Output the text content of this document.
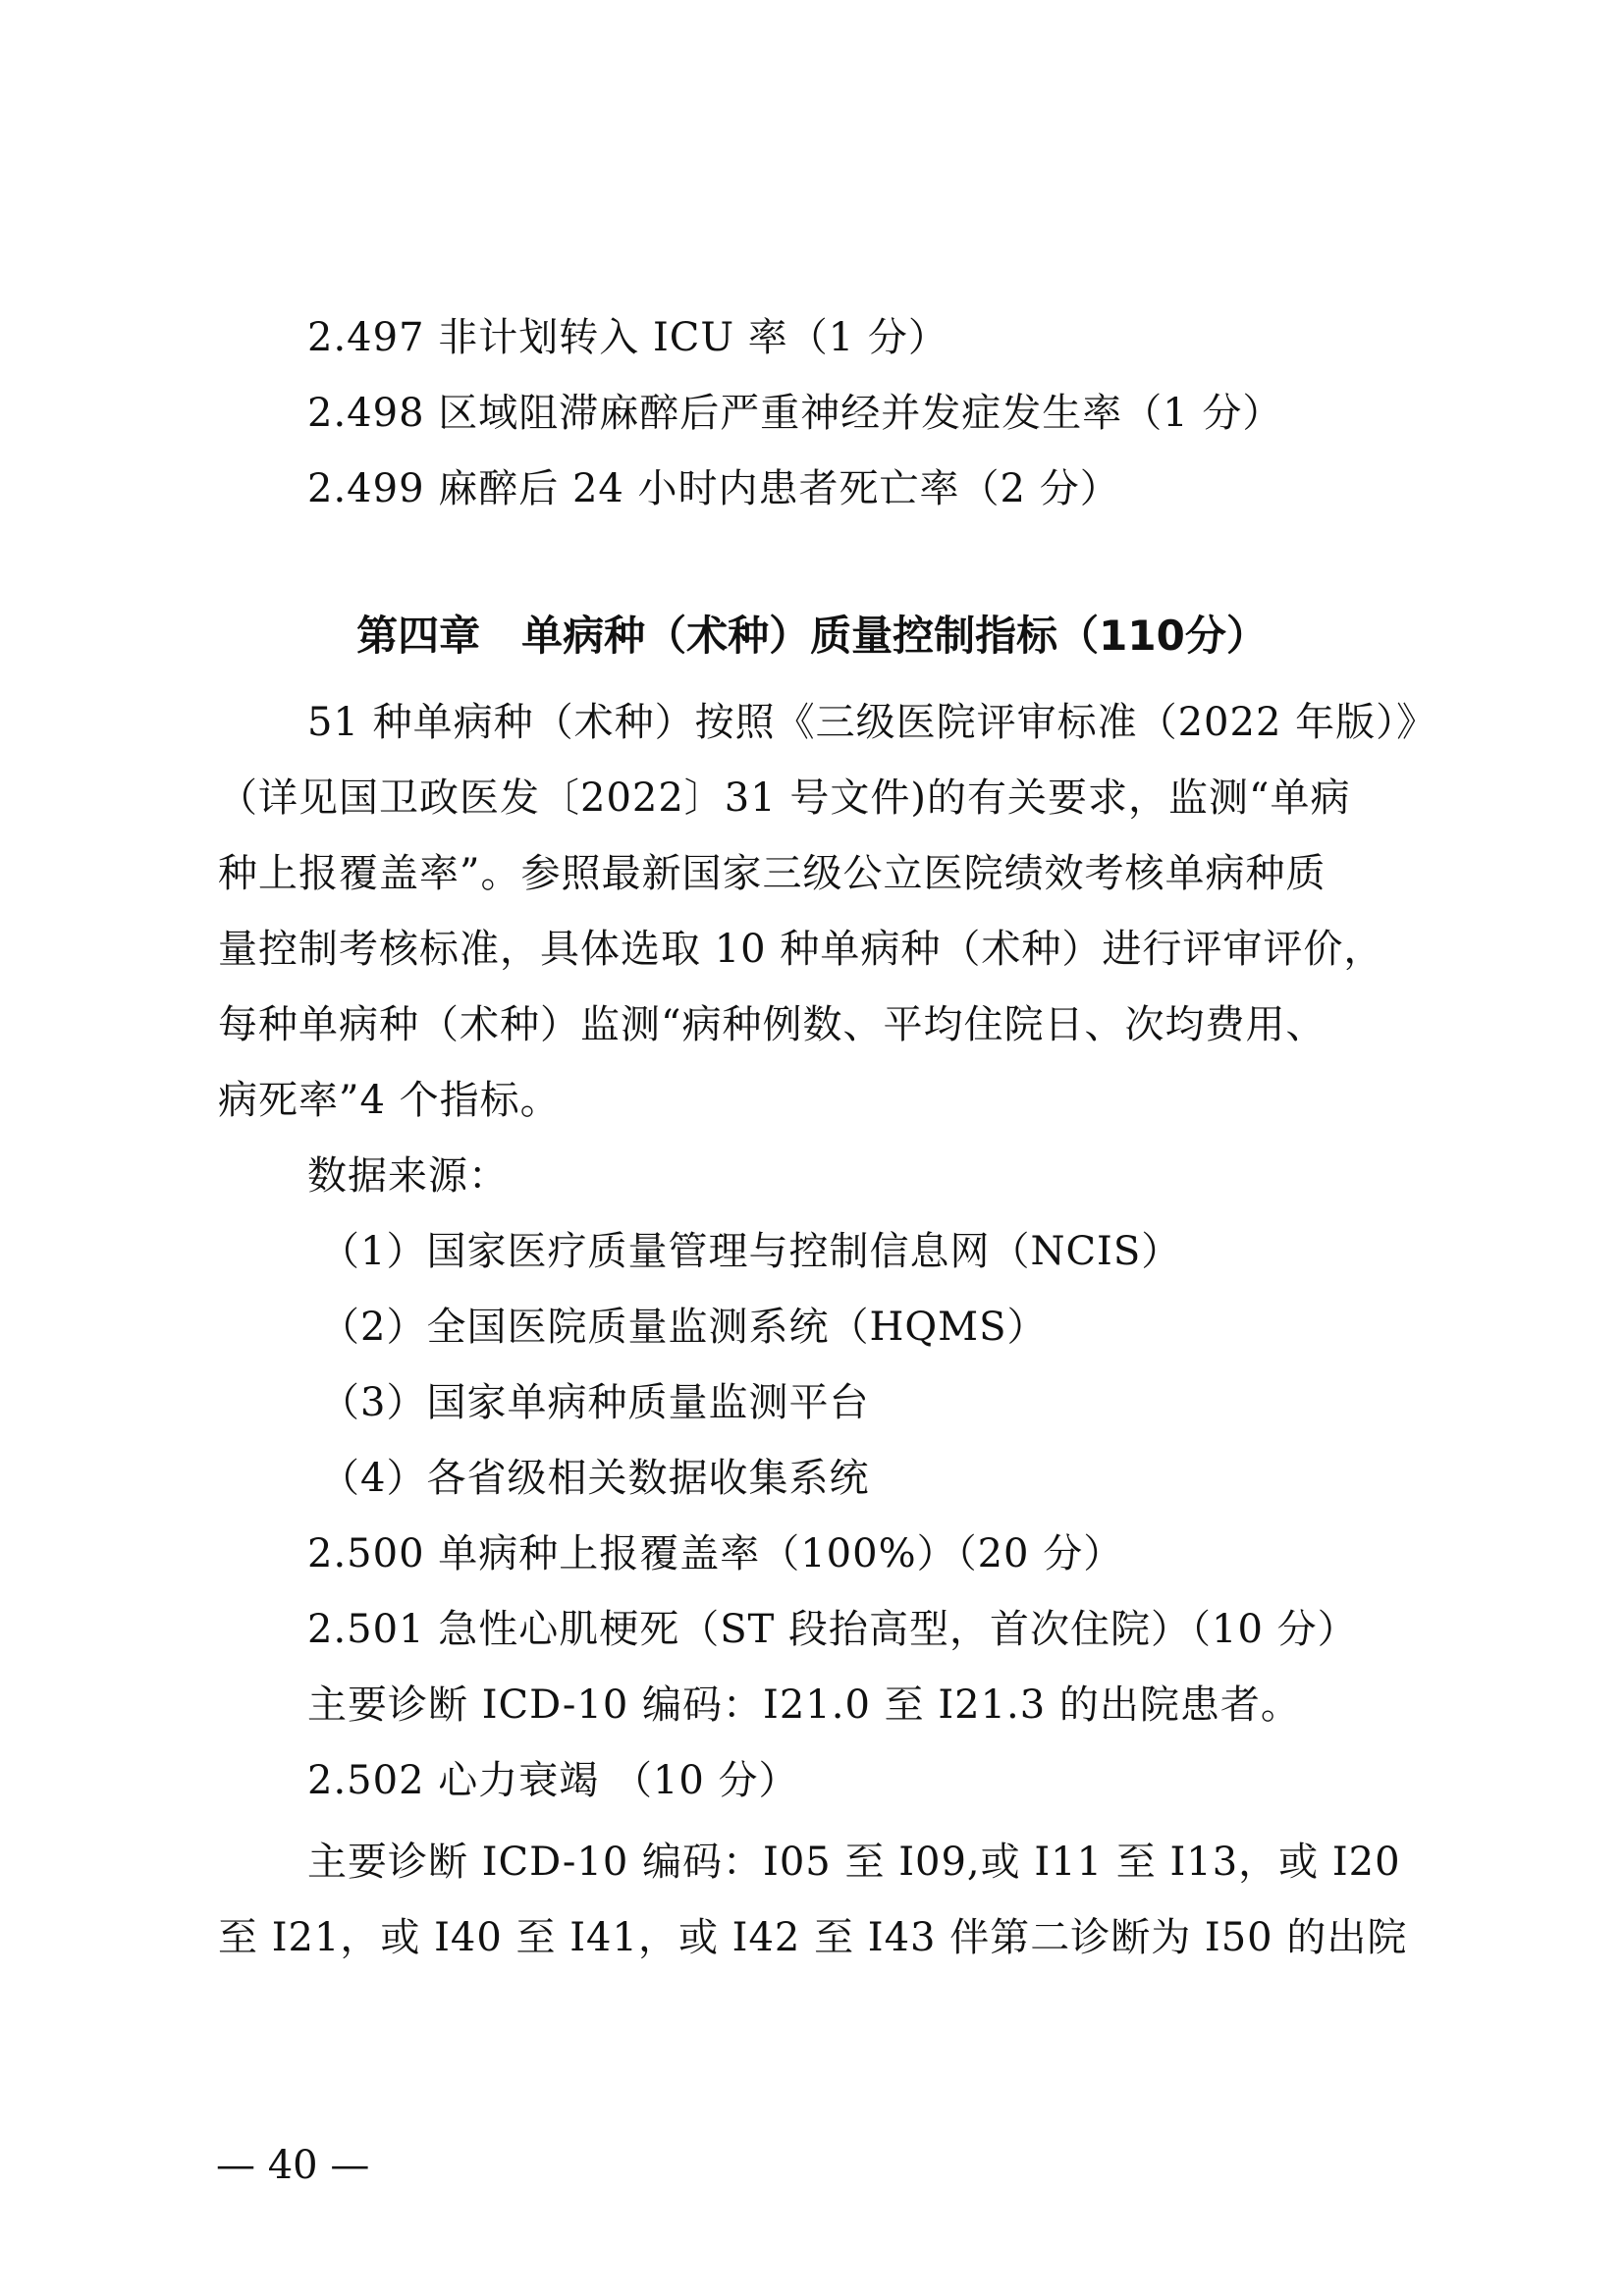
2.497 非计划转入 ICU 率（1 分）
2.498 区域阻滞麻醉后严重神经并发症发生率（1 分）
2.499 麻醉后 24 小时内患者死亡率（2 分）
第四章　单病种（术种）质量控制指标（110分）
51 种单病种（术种）按照《三级医院评审标准（2022 年版）》
（详见国卫政医发〔2022〕31 号文件)的有关要求，监测“单病
种上报覆盖率”。参照最新国家三级公立医院绩效考核单病种质
量控制考核标准，具体选取 10 种单病种（术种）进行评审评价，
每种单病种（术种）监测“病种例数、平均住院日、次均费用、
病死率”4 个指标。
数据来源：
（1）国家医疗质量管理与控制信息网（NCIS）
（2）全国医院质量监测系统（HQMS）
（3）国家单病种质量监测平台
（4）各省级相关数据收集系统
2.500 单病种上报覆盖率（100%）（20 分）
2.501 急性心肌梗死（ST 段抬高型，首次住院）（10 分）
主要诊断 ICD-10 编码：I21.0 至 I21.3 的出院患者。
2.502 心力衰竭 （10 分）
主要诊断 ICD-10 编码：I05 至 I09,或 I11 至 I13，或 I20
至 I21，或 I40 至 I41，或 I42 至 I43 伴第二诊断为 I50 的出院
— 40 —
